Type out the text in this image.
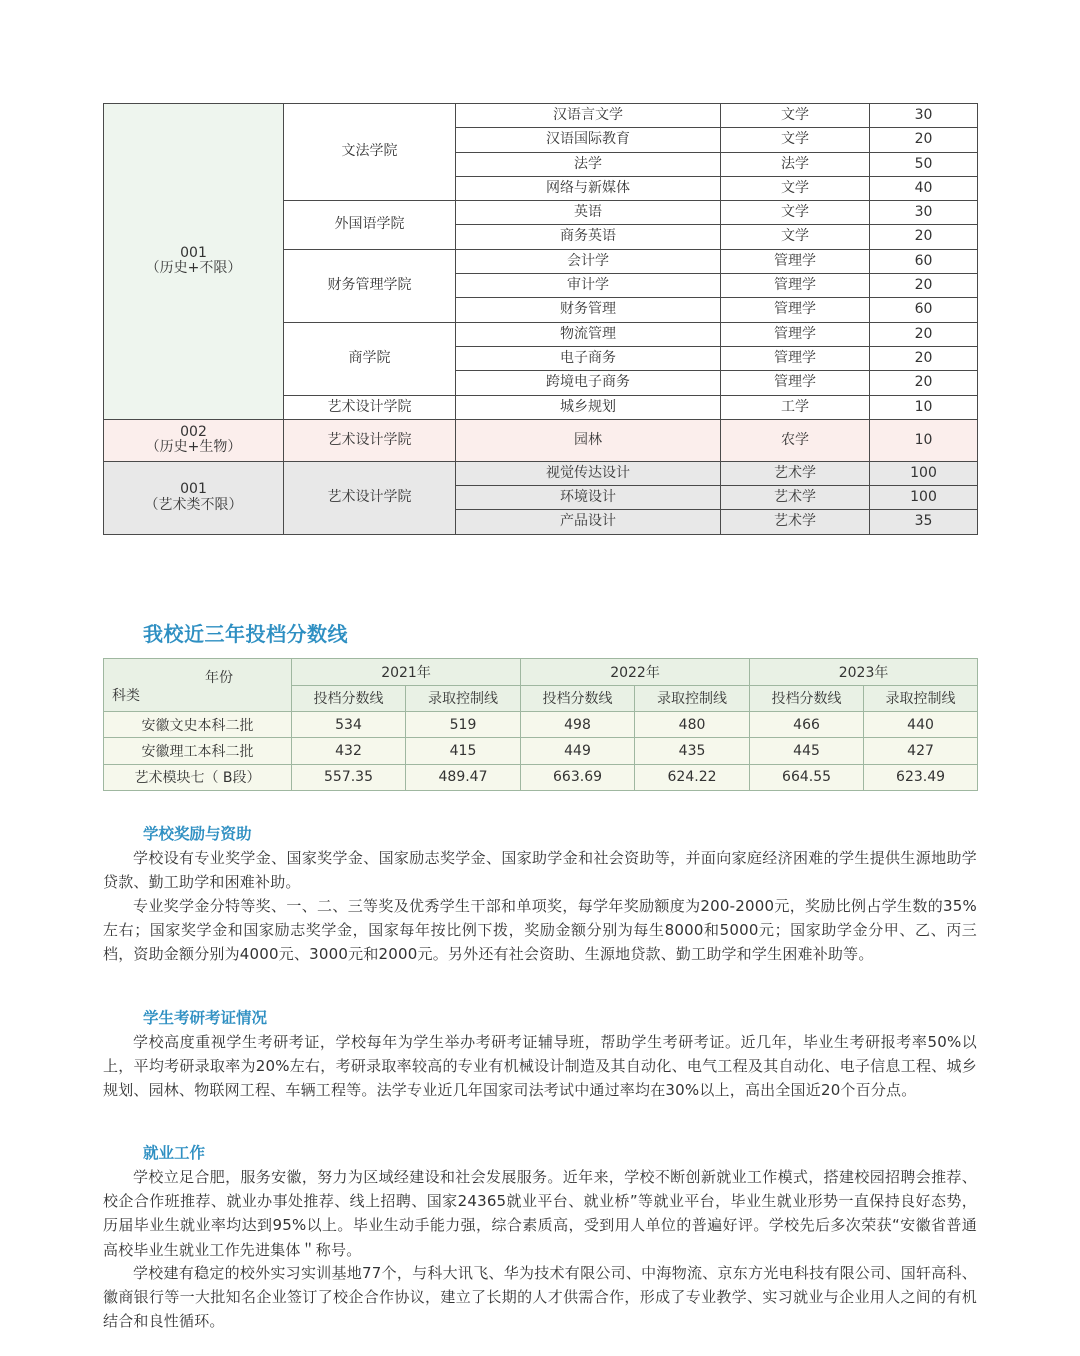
001
（历史+不限）	文法学院	汉语言文学	文学	30
		汉语国际教育	文学	20
		法学	法学	50
		网络与新媒体	文学	40
	外国语学院	英语	文学	30
		商务英语	文学	20
	财务管理学院	会计学	管理学	60
		审计学	管理学	20
		财务管理	管理学	60
	商学院	物流管理	管理学	20
		电子商务	管理学	20
		跨境电子商务	管理学	20
	艺术设计学院	城乡规划	工学	10

002
（历史+生物）	艺术设计学院	园林	农学	10

001
（艺术类不限）	艺术设计学院	视觉传达设计	艺术学	100
		环境设计	艺术学	100
		产品设计	艺术学	35
我校近三年投档分数线
年份
科类	2021年		2022年		2023年	
	投档分数线	录取控制线	投档分数线	录取控制线	投档分数线	录取控制线
安徽文史本科二批	534	519	498	480	466	440
安徽理工本科二批	432	415	449	435	445	427
艺术模块七（ B段）	557.35	489.47	663.69	624.22	664.55	623.49
学校奖励与资助

学校设有专业奖学金、国家奖学金、国家励志奖学金、国家助学金和社会资助等，并面向家庭经济困难的学生提供生源地助学贷款、勤工助学和困难补助。

专业奖学金分特等奖、一、二、三等奖及优秀学生干部和单项奖，每学年奖励额度为200-2000元，奖励比例占学生数的35%左右；国家奖学金和国家励志奖学金，国家每年按比例下拨，奖励金额分别为每生8000和5000元；国家助学金分甲、乙、丙三档，资助金额分别为4000元、3000元和2000元。另外还有社会资助、生源地贷款、勤工助学和学生困难补助等。

学生考研考证情况

学校高度重视学生考研考证，学校每年为学生举办考研考证辅导班，帮助学生考研考证。近几年，毕业生考研报考率50%以上，平均考研录取率为20%左右，考研录取率较高的专业有机械设计制造及其自动化、电气工程及其自动化、电子信息工程、城乡规划、园林、物联网工程、车辆工程等。法学专业近几年国家司法考试中通过率均在30%以上，高出全国近20个百分点。

就业工作

学校立足合肥，服务安徽，努力为区域经建设和社会发展服务。近年来，学校不断创新就业工作模式，搭建校园招聘会推荐、校企合作班推荐、就业办事处推荐、线上招聘、国家24365就业平台、就业桥”等就业平台，毕业生就业形势一直保持良好态势，历届毕业生就业率均达到95%以上。毕业生动手能力强，综合素质高，受到用人单位的普遍好评。学校先后多次荣获“安徽省普通高校毕业生就业工作先进集体＂称号。

学校建有稳定的校外实习实训基地77个，与科大讯飞、华为技术有限公司、中海物流、京东方光电科技有限公司、国轩高科、徽商银行等一大批知名企业签订了校企合作协议，建立了长期的人才供需合作，形成了专业教学、实习就业与企业用人之间的有机结合和良性循环。
